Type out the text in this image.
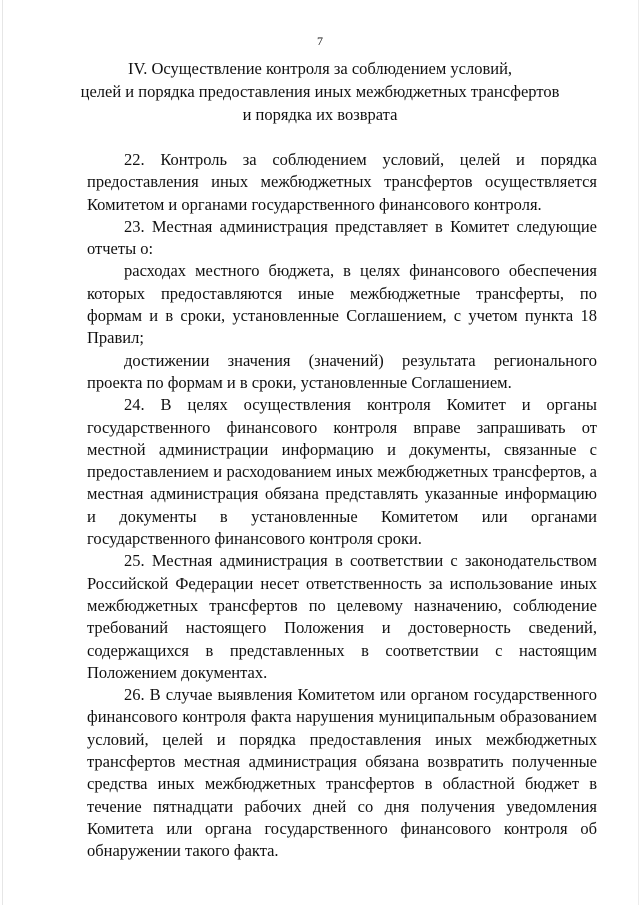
7
IV. Осуществление контроля за соблюдением условий,
целей и порядка предоставления иных межбюджетных трансфертов
и порядка их возврата

22. Контроль за соблюдением условий, целей и порядка предоставления иных межбюджетных трансфертов осуществляется Комитетом и органами государственного финансового контроля.

23. Местная администрация представляет в Комитет следующие отчеты о:

расходах местного бюджета, в целях финансового обеспечения которых предоставляются иные межбюджетные трансферты, по формам и в сроки, установленные Соглашением, с учетом пункта 18 Правил;

достижении значения (значений) результата регионального проекта по формам и в сроки, установленные Соглашением.

24. В целях осуществления контроля Комитет и органы государственного финансового контроля вправе запрашивать от местной администрации информацию и документы, связанные с предоставлением и расходованием иных межбюджетных трансфертов, а местная администрация обязана представлять указанные информацию и документы в установленные Комитетом или органами государственного финансового контроля сроки.

25. Местная администрация в соответствии с законодательством Российской Федерации несет ответственность за использование иных межбюджетных трансфертов по целевому назначению, соблюдение требований настоящего Положения и достоверность сведений, содержащихся в представленных в соответствии с настоящим Положением документах.

26. В случае выявления Комитетом или органом государственного финансового контроля факта нарушения муниципальным образованием условий, целей и порядка предоставления иных межбюджетных трансфертов местная администрация обязана возвратить полученные средства иных межбюджетных трансфертов в областной бюджет в течение пятнадцати рабочих дней со дня получения уведомления Комитета или органа государственного финансового контроля об обнаружении такого факта.
